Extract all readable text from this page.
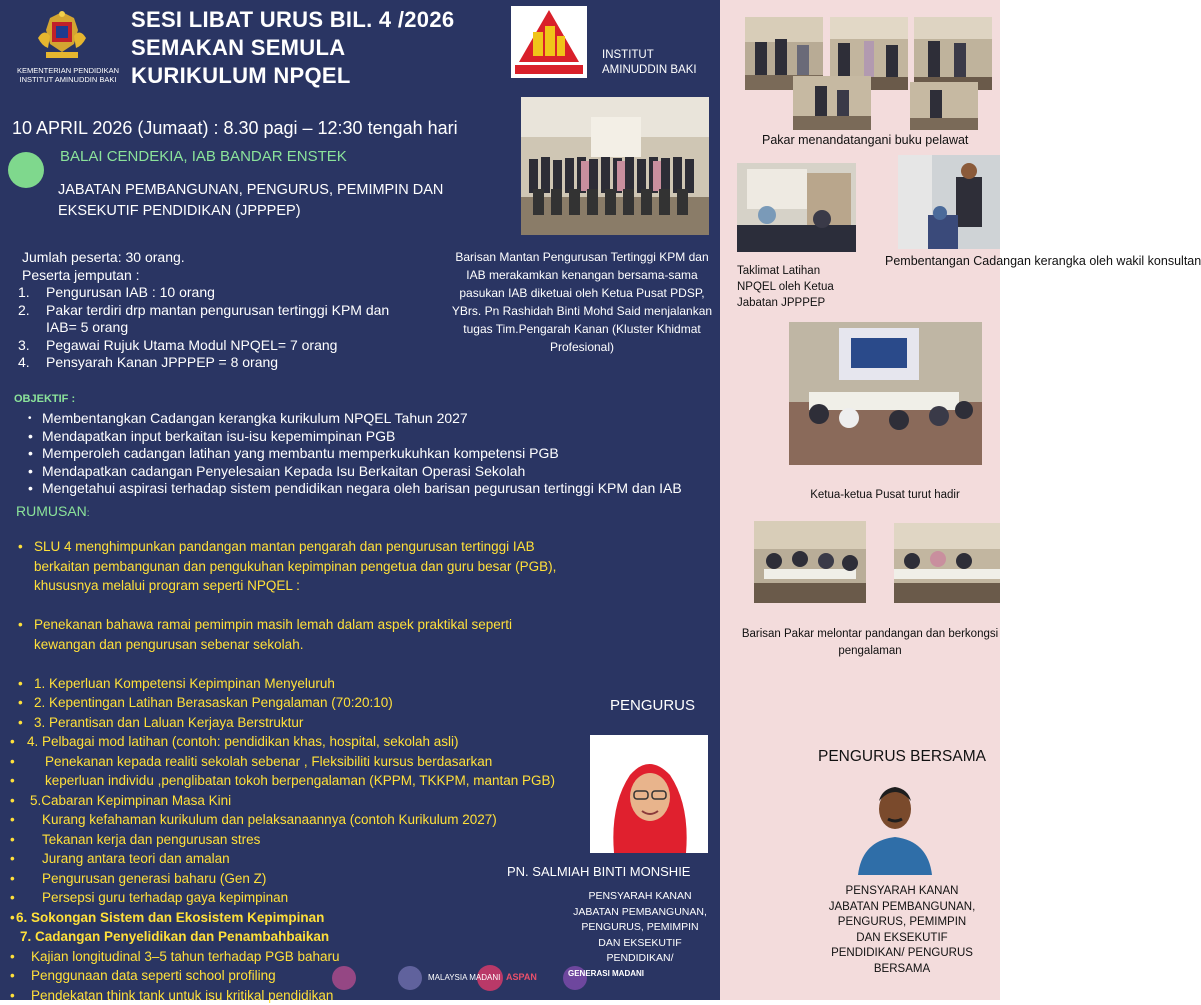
KEMENTERIAN PENDIDIKAN
INSTITUT AMINUDDIN BAKI
SESI LIBAT URUS BIL. 4 /2026
SEMAKAN SEMULA
KURIKULUM NPQEL
INSTITUT
AMINUDDIN BAKI
10 APRIL 2026 (Jumaat) : 8.30 pagi – 12:30 tengah hari
BALAI CENDEKIA, IAB BANDAR ENSTEK
JABATAN PEMBANGUNAN, PENGURUS, PEMIMPIN DAN EKSEKUTIF PENDIDIKAN (JPPPEP)
Jumlah peserta: 30 orang.
Peserta jemputan :
1. Pengurusan IAB : 10 orang
2. Pakar terdiri drp mantan pengurusan tertinggi KPM dan IAB= 5 orang
3. Pegawai Rujuk Utama Modul NPQEL= 7 orang
4. Pensyarah Kanan JPPPEP = 8 orang
Barisan Mantan Pengurusan Tertinggi KPM dan IAB merakamkan kenangan bersama-sama pasukan IAB diketuai oleh Ketua Pusat PDSP, YBrs. Pn Rashidah Binti Mohd Said menjalankan tugas Tim.Pengarah Kanan (Kluster Khidmat Profesional)
OBJEKTIF :
• Membentangkan Cadangan kerangka kurikulum NPQEL Tahun 2027
• Mendapatkan input berkaitan isu-isu kepemimpinan PGB
• Memperoleh cadangan latihan yang membantu memperkukuhkan kompetensi PGB
• Mendapatkan cadangan Penyelesaian Kepada Isu Berkaitan Operasi Sekolah
• Mengetahui aspirasi terhadap sistem pendidikan negara oleh barisan pegurusan tertinggi KPM dan IAB
RUMUSAN:
• SLU 4 menghimpunkan pandangan mantan pengarah dan pengurusan tertinggi IAB
berkaitan pembangunan dan pengukuhan kepimpinan pengetua dan guru besar (PGB),
khususnya melalui program seperti NPQEL :
• Penekanan bahawa ramai pemimpin masih lemah dalam aspek praktikal seperti
kewangan dan pengurusan sebenar sekolah.
• 1. Keperluan Kompetensi Kepimpinan Menyeluruh
• 2. Kepentingan Latihan Berasaskan Pengalaman (70:20:10)
• 3. Perantisan dan Laluan Kerjaya Berstruktur
• 4. Pelbagai mod latihan (contoh: pendidikan khas, hospital, sekolah asli)
• Penekanan kepada realiti sekolah sebenar , Fleksibiliti kursus berdasarkan
• keperluan individu ,penglibatan tokoh berpengalaman (KPPM, TKKPM, mantan PGB)
• 5.Cabaran Kepimpinan Masa Kini
• Kurang kefahaman kurikulum dan pelaksanaannya (contoh Kurikulum 2027)
• Tekanan kerja dan pengurusan stres
• Jurang antara teori dan amalan
• Pengurusan generasi baharu (Gen Z)
• Persepsi guru terhadap gaya kepimpinan
• 6. Sokongan Sistem dan Ekosistem Kepimpinan
7. Cadangan Penyelidikan dan Penambahbaikan
• Kajian longitudinal 3–5 tahun terhadap PGB baharu
• Penggunaan data seperti school profiling
• Pendekatan think tank untuk isu kritikal pendidikan
PENGURUS
PN. SALMIAH BINTI MONSHIE
PENSYARAH KANAN
JABATAN PEMBANGUNAN,
PENGURUS, PEMIMPIN
DAN EKSEKUTIF
PENDIDIKAN/
MALAYSIA MADANI ASPAN	GENERASI MADANI
Pakar menandatangani buku pelawat
Taklimat Latihan NPQEL oleh Ketua Jabatan JPPPEP
Pembentangan Cadangan kerangka oleh wakil konsultan
Ketua-ketua Pusat turut hadir
Barisan Pakar melontar pandangan dan berkongsi pengalaman
PENGURUS BERSAMA
PENSYARAH KANAN
JABATAN PEMBANGUNAN,
PENGURUS, PEMIMPIN
DAN EKSEKUTIF
PENDIDIKAN/ PENGURUS
BERSAMA
